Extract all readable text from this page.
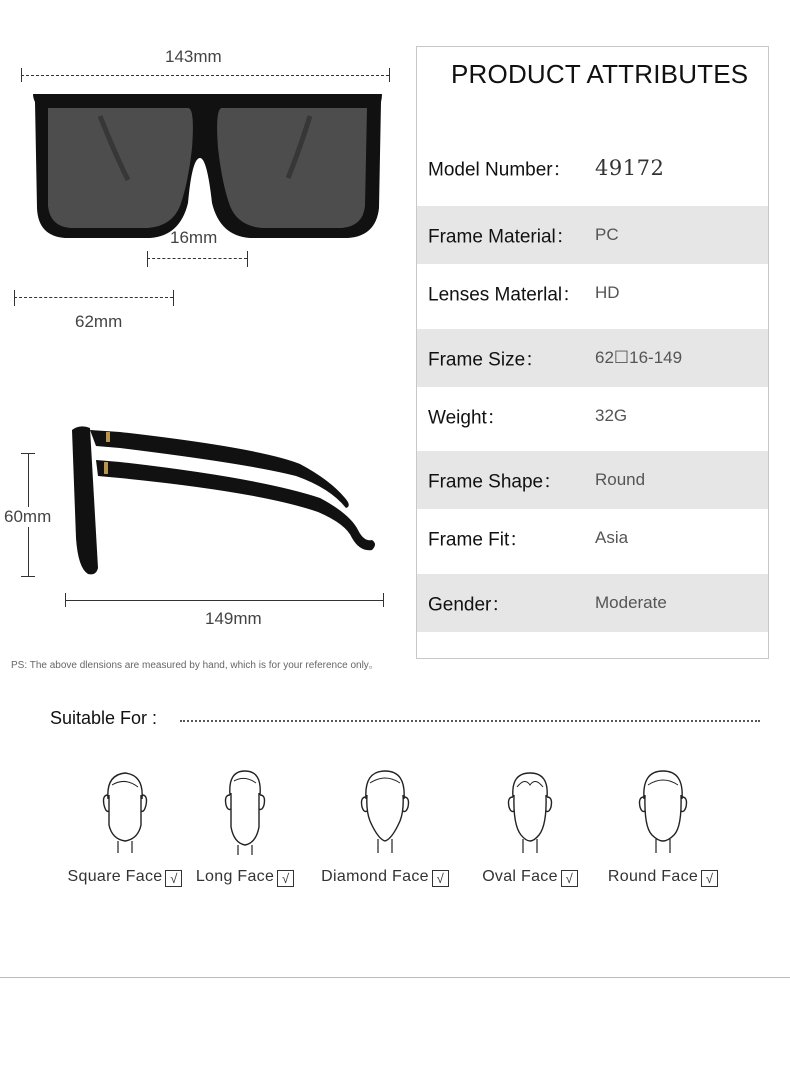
143mm
16mm
62mm
60mm
149mm
PS: The above dlensions are measured by hand, which is for your reference only。
PRODUCT ATTRIBUTES
Model Number： 49172
Frame Material： PC
Lenses Materlal： HD
Frame Size：	62☐16-149
Weight：	32G
Frame Shape： Round
Frame Fit：	Asia
Gender：	Moderate
Suitable For :
Square Face √	Long Face √	Diamond Face √	Oval Face √	Round Face √
